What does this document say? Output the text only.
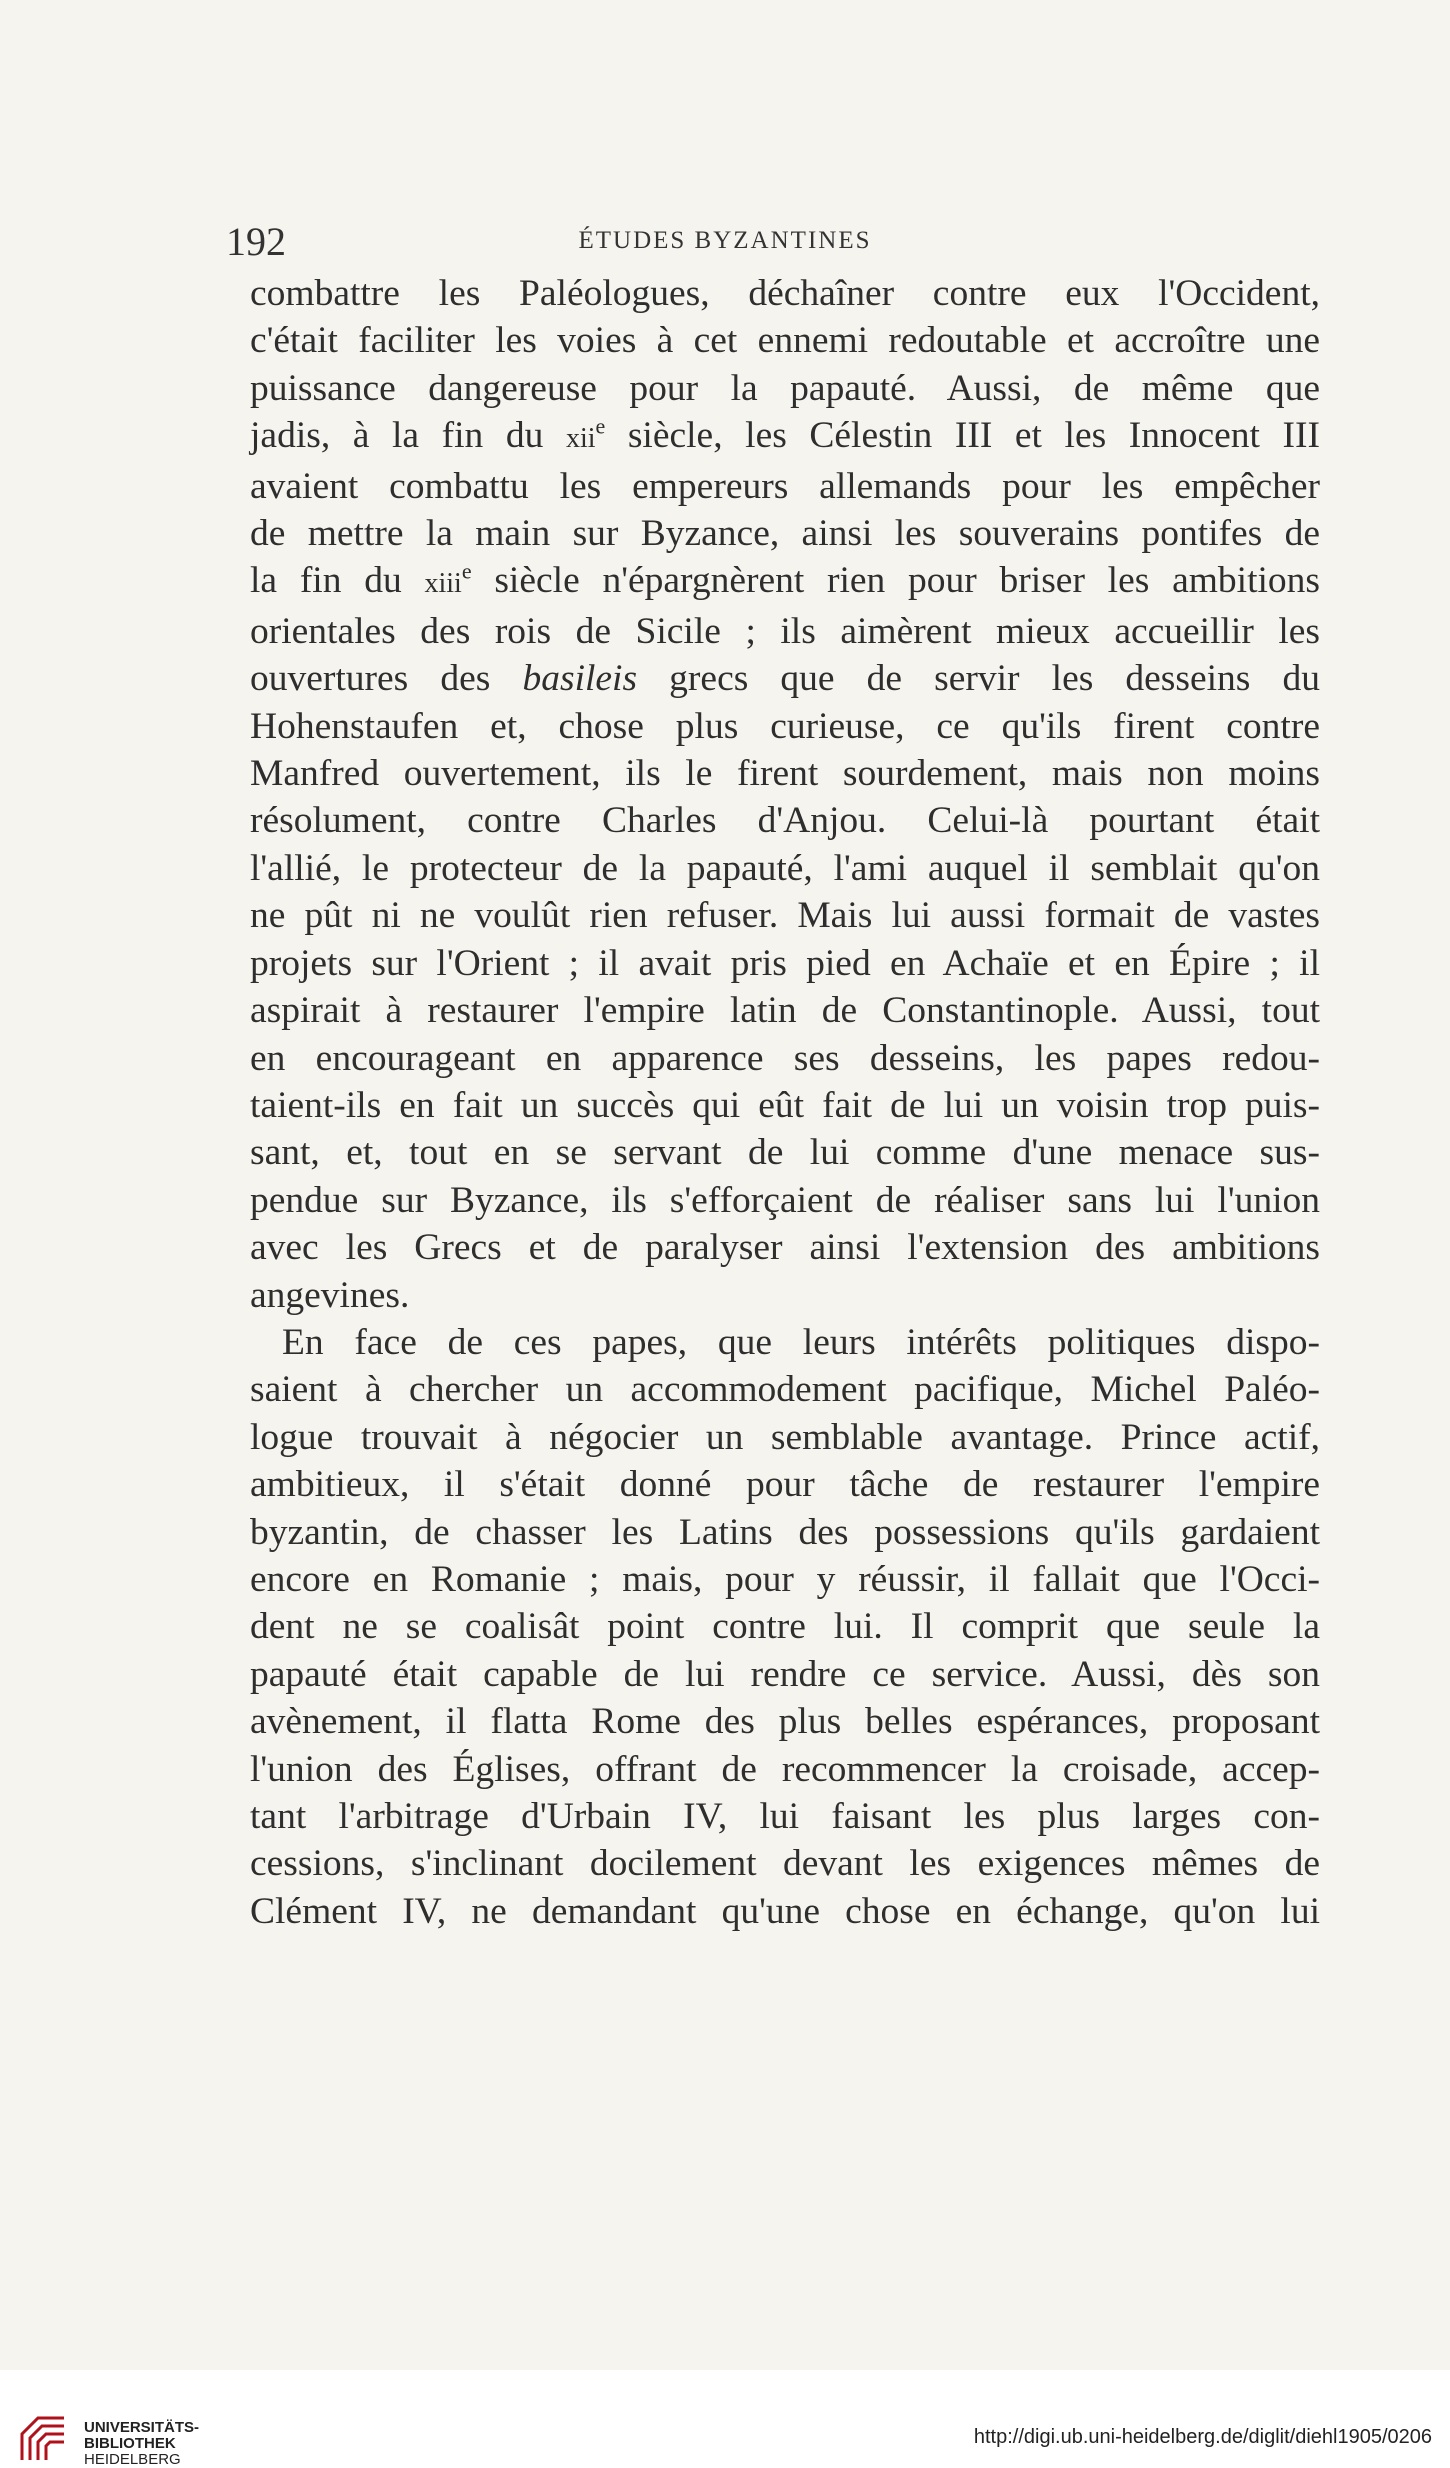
192	ÉTUDES BYZANTINES
combattre les Paléologues, déchaîner contre eux l'Occident,
c'était faciliter les voies à cet ennemi redoutable et accroître une
puissance dangereuse pour la papauté. Aussi, de même que
jadis, à la fin du xii$^e$ siècle, les Célestin III et les Innocent III
avaient combattu les empereurs allemands pour les empêcher
de mettre la main sur Byzance, ainsi les souverains pontifes de
la fin du xiii$^e$ siècle n'épargnèrent rien pour briser les ambitions
orientales des rois de Sicile ; ils aimèrent mieux accueillir les
ouvertures des basileis grecs que de servir les desseins du
Hohenstaufen et, chose plus curieuse, ce qu'ils firent contre
Manfred ouvertement, ils le firent sourdement, mais non moins
résolument, contre Charles d'Anjou. Celui-là pourtant était
l'allié, le protecteur de la papauté, l'ami auquel il semblait qu'on
ne pût ni ne voulût rien refuser. Mais lui aussi formait de vastes
projets sur l'Orient ; il avait pris pied en Achaïe et en Épire ; il
aspirait à restaurer l'empire latin de Constantinople. Aussi, tout
en encourageant en apparence ses desseins, les papes redou-
taient-ils en fait un succès qui eût fait de lui un voisin trop puis-
sant, et, tout en se servant de lui comme d'une menace sus-
pendue sur Byzance, ils s'efforçaient de réaliser sans lui l'union
avec les Grecs et de paralyser ainsi l'extension des ambitions
angevines.
En face de ces papes, que leurs intérêts politiques dispo-
saient à chercher un accommodement pacifique, Michel Paléo-
logue trouvait à négocier un semblable avantage. Prince actif,
ambitieux, il s'était donné pour tâche de restaurer l'empire
byzantin, de chasser les Latins des possessions qu'ils gardaient
encore en Romanie ; mais, pour y réussir, il fallait que l'Occi-
dent ne se coalisât point contre lui. Il comprit que seule la
papauté était capable de lui rendre ce service. Aussi, dès son
avènement, il flatta Rome des plus belles espérances, proposant
l'union des Églises, offrant de recommencer la croisade, accep-
tant l'arbitrage d'Urbain IV, lui faisant les plus larges con-
cessions, s'inclinant docilement devant les exigences mêmes de
Clément IV, ne demandant qu'une chose en échange, qu'on lui
UNIVERSITÄTS-
BIBLIOTHEK
HEIDELBERG
http://digi.ub.uni-heidelberg.de/diglit/diehl1905/0206
